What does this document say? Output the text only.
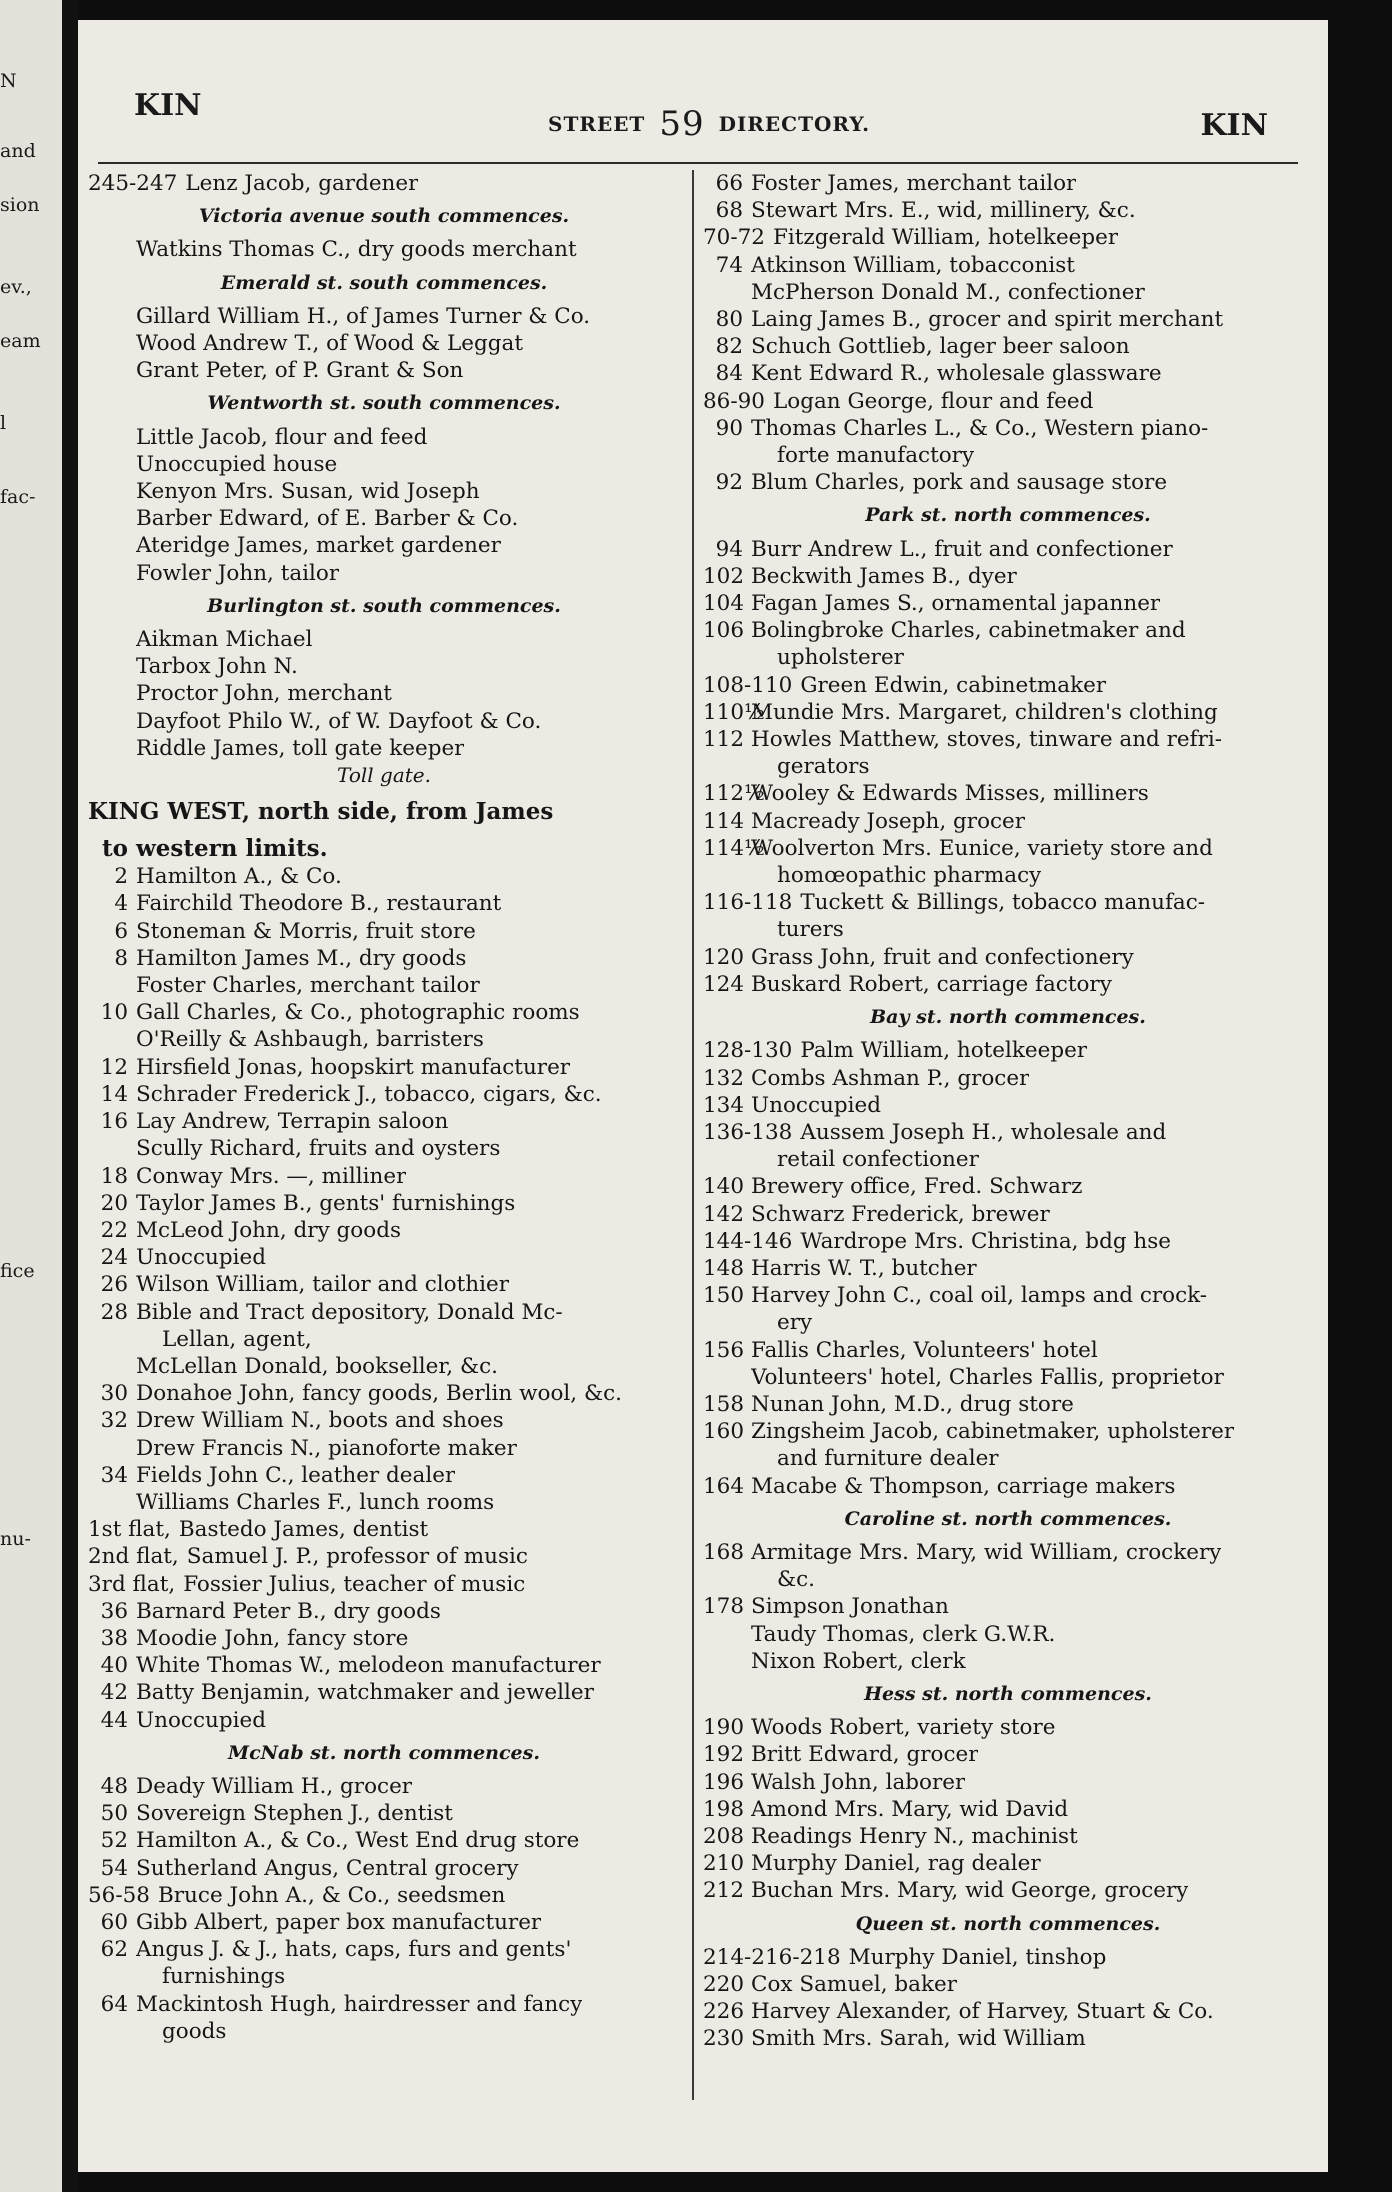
N
and
sion
ev.,
eam
l
fac-
fice
nu-
KIN
STREET 59 DIRECTORY.	KIN
245-247 Lenz Jacob, gardener
Victoria avenue south commences.
Watkins Thomas C., dry goods merchant
Emerald st. south commences.
Gillard William H., of James Turner & Co.
Wood Andrew T., of Wood & Leggat
Grant Peter, of P. Grant & Son
Wentworth st. south commences.
Little Jacob, flour and feed
Unoccupied house
Kenyon Mrs. Susan, wid Joseph
Barber Edward, of E. Barber & Co.
Ateridge James, market gardener
Fowler John, tailor
Burlington st. south commences.
Aikman Michael
Tarbox John N.
Proctor John, merchant
Dayfoot Philo W., of W. Dayfoot & Co.
Riddle James, toll gate keeper
Toll gate.
KING WEST, north side, from James
to western limits.
2 Hamilton A., & Co.
4 Fairchild Theodore B., restaurant
6 Stoneman & Morris, fruit store
8 Hamilton James M., dry goods
Foster Charles, merchant tailor
10 Gall Charles, & Co., photographic rooms
O'Reilly & Ashbaugh, barristers
12 Hirsfield Jonas, hoopskirt manufacturer
14 Schrader Frederick J., tobacco, cigars, &c.
16 Lay Andrew, Terrapin saloon
Scully Richard, fruits and oysters
18 Conway Mrs. —, milliner
20 Taylor James B., gents' furnishings
22 McLeod John, dry goods
24 Unoccupied
26 Wilson William, tailor and clothier
28 Bible and Tract depository, Donald Mc-
Lellan, agent,
McLellan Donald, bookseller, &c.
30 Donahoe John, fancy goods, Berlin wool, &c.
32 Drew William N., boots and shoes
Drew Francis N., pianoforte maker
34 Fields John C., leather dealer
Williams Charles F., lunch rooms
1st flat, Bastedo James, dentist
2nd flat, Samuel J. P., professor of music
3rd flat, Fossier Julius, teacher of music
36 Barnard Peter B., dry goods
38 Moodie John, fancy store
40 White Thomas W., melodeon manufacturer
42 Batty Benjamin, watchmaker and jeweller
44 Unoccupied
McNab st. north commences.
48 Deady William H., grocer
50 Sovereign Stephen J., dentist
52 Hamilton A., & Co., West End drug store
54 Sutherland Angus, Central grocery
56-58 Bruce John A., & Co., seedsmen
60 Gibb Albert, paper box manufacturer
62 Angus J. & J., hats, caps, furs and gents'
furnishings
64 Mackintosh Hugh, hairdresser and fancy
goods
66 Foster James, merchant tailor
68 Stewart Mrs. E., wid, millinery, &c.
70-72 Fitzgerald William, hotelkeeper
74 Atkinson William, tobacconist
McPherson Donald M., confectioner
80 Laing James B., grocer and spirit merchant
82 Schuch Gottlieb, lager beer saloon
84 Kent Edward R., wholesale glassware
86-90 Logan George, flour and feed
90 Thomas Charles L., & Co., Western piano-
forte manufactory
92 Blum Charles, pork and sausage store
Park st. north commences.
94 Burr Andrew L., fruit and confectioner
102 Beckwith James B., dyer
104 Fagan James S., ornamental japanner
106 Bolingbroke Charles, cabinetmaker and
upholsterer
108-110 Green Edwin, cabinetmaker
110½
Mundie Mrs. Margaret, children's clothing
112 Howles Matthew, stoves, tinware and refri-
gerators
112½
Wooley & Edwards Misses, milliners
114 Macready Joseph, grocer
114½
Woolverton Mrs. Eunice, variety store and
homœopathic pharmacy
116-118 Tuckett & Billings, tobacco manufac-
turers
120 Grass John, fruit and confectionery
124 Buskard Robert, carriage factory
Bay st. north commences.
128-130 Palm William, hotelkeeper
132 Combs Ashman P., grocer
134 Unoccupied
136-138 Aussem Joseph H., wholesale and
retail confectioner
140 Brewery office, Fred. Schwarz
142 Schwarz Frederick, brewer
144-146 Wardrope Mrs. Christina, bdg hse
148 Harris W. T., butcher
150 Harvey John C., coal oil, lamps and crock-
ery
156 Fallis Charles, Volunteers' hotel
Volunteers' hotel, Charles Fallis, proprietor
158 Nunan John, M.D., drug store
160 Zingsheim Jacob, cabinetmaker, upholsterer
and furniture dealer
164 Macabe & Thompson, carriage makers
Caroline st. north commences.
168 Armitage Mrs. Mary, wid William, crockery
&c.
178 Simpson Jonathan
Taudy Thomas, clerk G.W.R.
Nixon Robert, clerk
Hess st. north commences.
190 Woods Robert, variety store
192 Britt Edward, grocer
196 Walsh John, laborer
198 Amond Mrs. Mary, wid David
208 Readings Henry N., machinist
210 Murphy Daniel, rag dealer
212 Buchan Mrs. Mary, wid George, grocery
Queen st. north commences.
214-216-218 Murphy Daniel, tinshop
220 Cox Samuel, baker
226 Harvey Alexander, of Harvey, Stuart & Co.
230 Smith Mrs. Sarah, wid William
